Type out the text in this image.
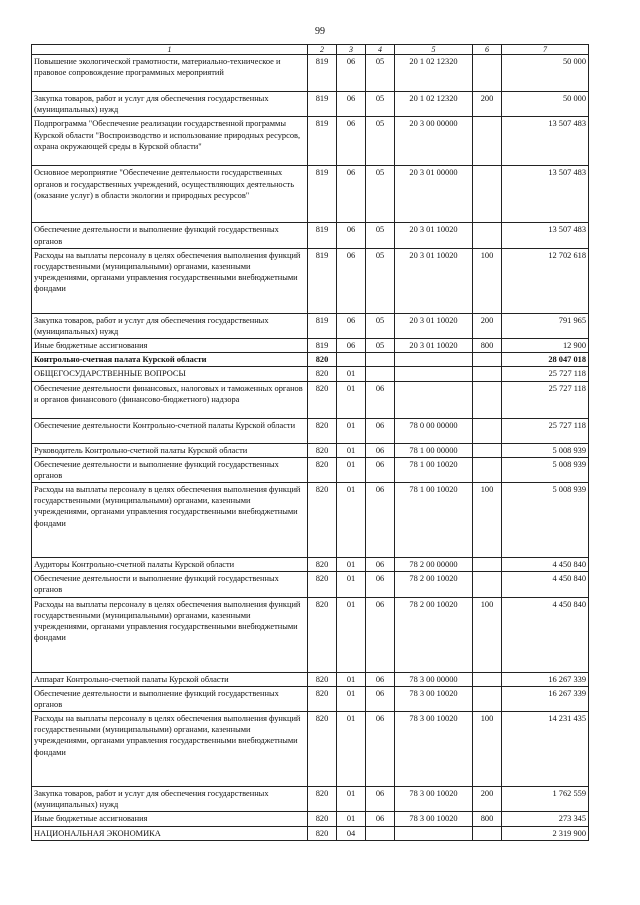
99
1	2	3	4	5	6	7
Повышение экологической грамотности, материально-техническое и правовое сопровождение программных мероприятий	819	06	05	20 1 02 12320		50 000
Закупка товаров, работ и услуг для обеспечения государственных (муниципальных) нужд	819	06	05	20 1 02 12320	200	50 000
Подпрограмма "Обеспечение реализации государственной программы Курской области "Воспроизводство и использование природных ресурсов, охрана окружающей среды в Курской области"	819	06	05	20 3 00 00000		13 507 483
Основное мероприятие "Обеспечение деятельности государственных органов и государственных учреждений, осуществляющих деятельность (оказание услуг) в области экологии и природных ресурсов"	819	06	05	20 3 01 00000		13 507 483
Обеспечение деятельности и выполнение функций государственных органов	819	06	05	20 3 01 10020		13 507 483
Расходы на выплаты персоналу в целях обеспечения выполнения функций государственными (муниципальными) органами, казенными учреждениями, органами управления государственными внебюджетными фондами	819	06	05	20 3 01 10020	100	12 702 618
Закупка товаров, работ и услуг для обеспечения государственных (муниципальных) нужд	819	06	05	20 3 01 10020	200	791 965
Иные бюджетные ассигнования	819	06	05	20 3 01 10020	800	12 900
Контрольно-счетная палата Курской области	820					28 047 018
ОБЩЕГОСУДАРСТВЕННЫЕ ВОПРОСЫ	820	01				25 727 118
Обеспечение деятельности финансовых, налоговых и таможенных органов и органов финансового (финансово-бюджетного) надзора	820	01	06			25 727 118
Обеспечение деятельности Контрольно-счетной палаты Курской области	820	01	06	78 0 00 00000		25 727 118
Руководитель Контрольно-счетной палаты Курской области	820	01	06	78 1 00 00000		5 008 939
Обеспечение деятельности и выполнение функций государственных органов	820	01	06	78 1 00 10020		5 008 939
Расходы на выплаты персоналу в целях обеспечения выполнения функций государственными (муниципальными) органами, казенными учреждениями, органами управления государственными внебюджетными фондами	820	01	06	78 1 00 10020	100	5 008 939
Аудиторы Контрольно-счетной палаты Курской области	820	01	06	78 2 00 00000		4 450 840
Обеспечение деятельности и выполнение функций государственных органов	820	01	06	78 2 00 10020		4 450 840
Расходы на выплаты персоналу в целях обеспечения выполнения функций государственными (муниципальными) органами, казенными учреждениями, органами управления государственными внебюджетными фондами	820	01	06	78 2 00 10020	100	4 450 840
Аппарат Контрольно-счетной палаты Курской области	820	01	06	78 3 00 00000		16 267 339
Обеспечение деятельности и выполнение функций государственных органов	820	01	06	78 3 00 10020		16 267 339
Расходы на выплаты персоналу в целях обеспечения выполнения функций государственными (муниципальными) органами, казенными учреждениями, органами управления государственными внебюджетными фондами	820	01	06	78 3 00 10020	100	14 231 435
Закупка товаров, работ и услуг для обеспечения государственных (муниципальных) нужд	820	01	06	78 3 00 10020	200	1 762 559
Иные бюджетные ассигнования	820	01	06	78 3 00 10020	800	273 345
НАЦИОНАЛЬНАЯ ЭКОНОМИКА	820	04				2 319 900
